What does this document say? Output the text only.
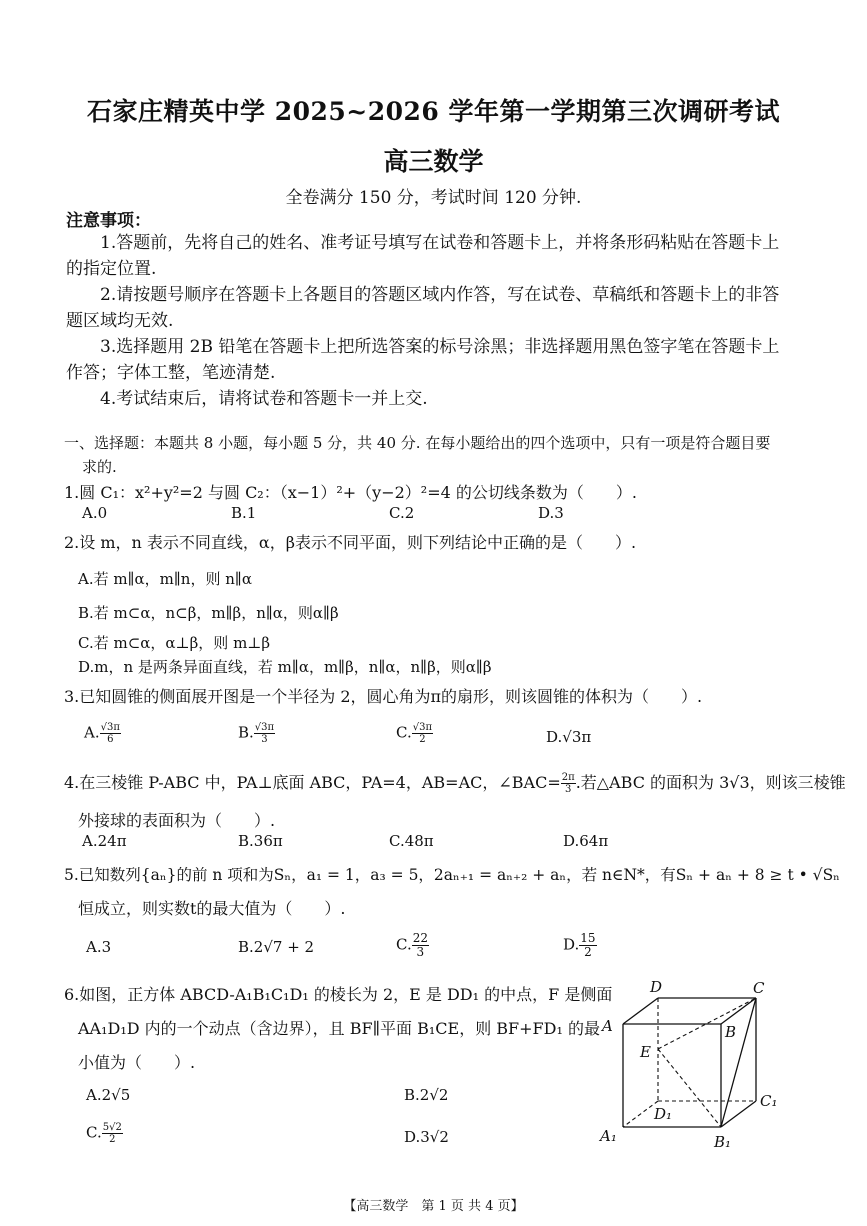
石家庄精英中学 2025~2026 学年第一学期第三次调研考试
高三数学
全卷满分 150 分，考试时间 120 分钟.
注意事项：

1.答题前，先将自己的姓名、准考证号填写在试卷和答题卡上，并将条形码粘贴在答题卡上的指定位置.

2.请按题号顺序在答题卡上各题目的答题区域内作答，写在试卷、草稿纸和答题卡上的非答题区域均无效.

3.选择题用 2B 铅笔在答题卡上把所选答案的标号涂黑；非选择题用黑色签字笔在答题卡上作答；字体工整，笔迹清楚.

4.考试结束后，请将试卷和答题卡一并上交.

一、选择题：本题共 8 小题，每小题 5 分，共 40 分. 在每小题给出的四个选项中，只有一项是符合题目要
求的.
1.圆 C₁：x²+y²=2 与圆 C₂：（x−1）²+（y−2）²=4 的公切线条数为（　　）.
A.0	B.1	C.2	D.3
2.设 m，n 表示不同直线，α，β表示不同平面，则下列结论中正确的是（　　）.
A.若 m∥α，m∥n，则 n∥α
B.若 m⊂α，n⊂β，m∥β，n∥α，则α∥β
C.若 m⊂α，α⊥β，则 m⊥β
D.m，n 是两条异面直线，若 m∥α，m∥β，n∥α，n∥β，则α∥β
3.已知圆锥的侧面展开图是一个半径为 2，圆心角为π的扇形，则该圆锥的体积为（　　）.
A. $\frac{√3\pi}{6}$	B. $\frac{√3\pi}{3}$	C. $\frac{√3\pi}{2}$	D.√3π
4.在三棱锥 P-ABC 中，PA⊥底面 ABC，PA=4，AB=AC，∠BAC= $\frac{2\pi}{3}$ .若△ABC 的面积为 3√3，则该三棱锥
外接球的表面积为（　　）.
A.24π	B.36π	C.48π	D.64π
5.已知数列{aₙ}的前 n 项和为Sₙ，a₁ = 1，a₃ = 5，2aₙ₊₁ = aₙ₊₂ + aₙ，若 n∈N*，有Sₙ + aₙ + 8 ≥ t • √Sₙ
恒成立，则实数t的最大值为（　　）.
A.3	B.2√7 + 2	C. $\frac{22}{3}$	D. $\frac{15}{2}$
6.如图，正方体 ABCD-A₁B₁C₁D₁ 的棱长为 2，E 是 DD₁ 的中点，F 是侧面
AA₁D₁D 内的一个动点（含边界），且 BF∥平面 B₁CE，则 BF+FD₁ 的最
小值为（　　）.
A.2√5	B.2√2
C. $\frac{5√2}{2}$	D.3√2
D	C
A	B
E
D₁
C₁
A₁	B₁
【高三数学　第 1 页 共 4 页】
